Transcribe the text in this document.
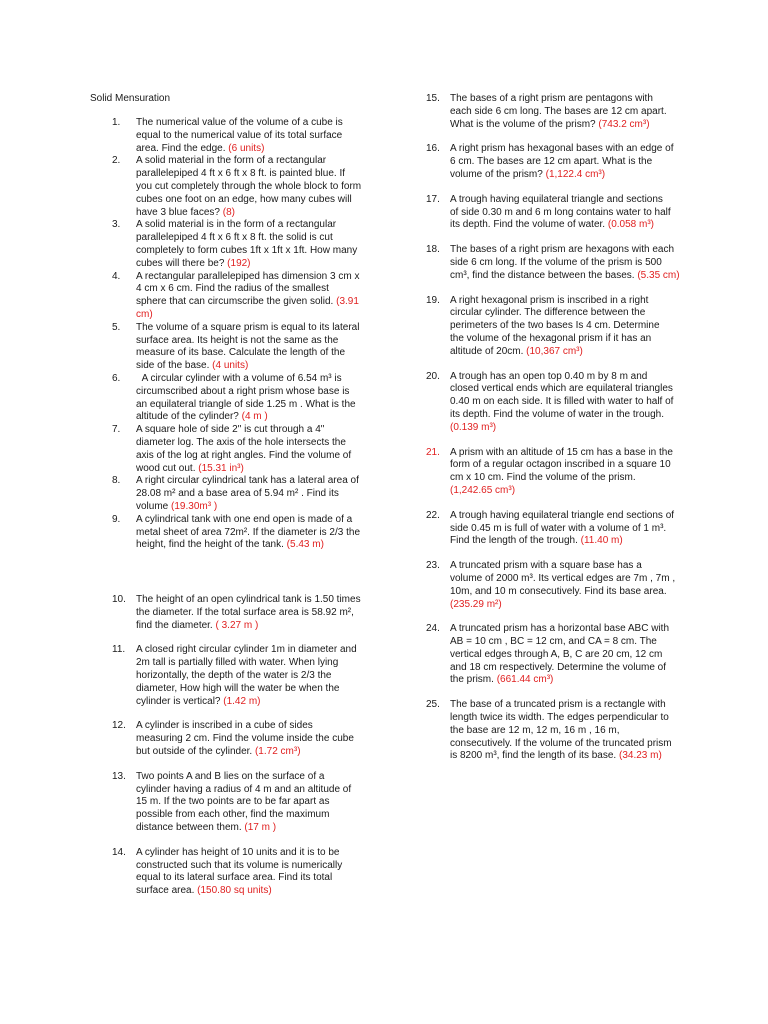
Solid Mensuration
1.	The numerical value of the volume of a cube is
equal to the numerical value of its total surface
area. Find the edge. (6 units)
2.	A solid material in the form of a rectangular
parallelepiped 4 ft x 6 ft x 8 ft. is painted blue. If
you cut completely through the whole block to form
cubes one foot on an edge, how many cubes will
have 3 blue faces? (8)
3.	A solid material is in the form of a rectangular
parallelepiped 4 ft x 6 ft x 8 ft. the solid is cut
completely to form cubes 1ft x 1ft x 1ft. How many
cubes will there be? (192)
4.	A rectangular parallelepiped has dimension 3 cm x
4 cm x 6 cm. Find the radius of the smallest
sphere that can circumscribe the given solid. (3.91 cm)
5.	The volume of a square prism is equal to its lateral
surface area. Its height is not the same as the
measure of its base. Calculate the length of the
side of the base. (4 units)
6.	A circular cylinder with a volume of 6.54 m³ is
circumscribed about a right prism whose base is
an equilateral triangle of side 1.25 m . What is the
altitude of the cylinder? (4 m )
7.	A square hole of side 2" is cut through a 4"
diameter log. The axis of the hole intersects the
axis of the log at right angles. Find the volume of
wood cut out. (15.31 in³)
8.	A right circular cylindrical tank has a lateral area of
28.08 m² and a base area of 5.94 m² . Find its
volume (19.30m³ )
9.	A cylindrical tank with one end open is made of a
metal sheet of area 72m². If the diameter is 2/3 the
height, find the height of the tank. (5.43 m)
10.	The height of an open cylindrical tank is 1.50 times
the diameter. If the total surface area is 58.92 m²,
find the diameter. ( 3.27 m )
11.	A closed right circular cylinder 1m in diameter and
2m tall is partially filled with water. When lying
horizontally, the depth of the water is 2/3 the
diameter, How high will the water be when the
cylinder is vertical? (1.42 m)
12.	A cylinder is inscribed in a cube of sides
measuring 2 cm. Find the volume inside the cube
but outside of the cylinder. (1.72 cm³)
13.	Two points A and B lies on the surface of a
cylinder having a radius of 4 m and an altitude of
15 m. If the two points are to be far apart as
possible from each other, find the maximum
distance between them. (17 m )
14.	A cylinder has height of 10 units and it is to be
constructed such that its volume is numerically
equal to its lateral surface area. Find its total
surface area. (150.80 sq units)
15.	The bases of a right prism are pentagons with
each side 6 cm long. The bases are 12 cm apart.
What is the volume of the prism? (743.2 cm³)
16.	A right prism has hexagonal bases with an edge of
6 cm. The bases are 12 cm apart. What is the
volume of the prism? (1,122.4 cm³)
17.	A trough having equilateral triangle and sections
of side 0.30 m and 6 m long contains water to half
its depth. Find the volume of water. (0.058 m³)
18.	The bases of a right prism are hexagons with each
side 6 cm long. If the volume of the prism is 500
cm³, find the distance between the bases. (5.35 cm)
19.	A right hexagonal prism is inscribed in a right
circular cylinder. The difference between the
perimeters of the two bases Is 4 cm. Determine
the volume of the hexagonal prism if it has an
altitude of 20cm. (10,367 cm³)
20.	A trough has an open top 0.40 m by 8 m and
closed vertical ends which are equilateral triangles
0.40 m on each side. It is filled with water to half of
its depth. Find the volume of water in the trough.
(0.139 m³)
21.	A prism with an altitude of 15 cm has a base in the
form of a regular octagon inscribed in a square 10
cm x 10 cm. Find the volume of the prism.
(1,242.65 cm³)
22.	A trough having equilateral triangle end sections of
side 0.45 m is full of water with a volume of 1 m³.
Find the length of the trough. (11.40 m)
23.	A truncated prism with a square base has a
volume of 2000 m³. Its vertical edges are 7m , 7m ,
10m, and 10 m consecutively. Find its base area.
(235.29 m²)
24.	A truncated prism has a horizontal base ABC with
AB = 10 cm , BC = 12 cm, and CA = 8 cm. The
vertical edges through A, B, C are 20 cm, 12 cm
and 18 cm respectively. Determine the volume of
the prism. (661.44 cm³)
25.	The base of a truncated prism is a rectangle with
length twice its width. The edges perpendicular to
the base are 12 m, 12 m, 16 m , 16 m,
consecutively. If the volume of the truncated prism
is 8200 m³, find the length of its base. (34.23 m)
